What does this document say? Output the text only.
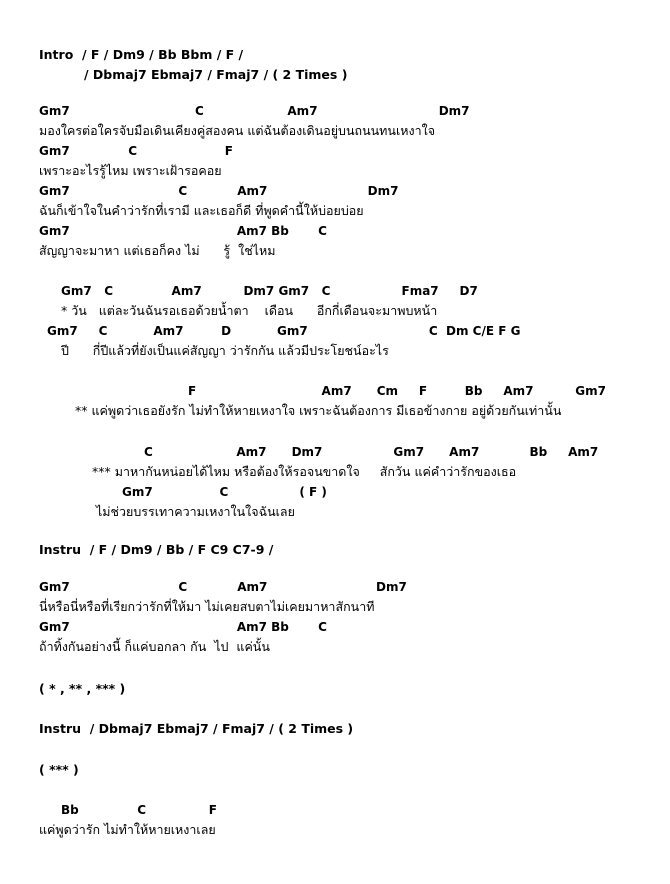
Intro  / F / Dm9 / Bb Bbm / F /
/ Dbmaj7 Ebmaj7 / Fmaj7 / ( 2 Times )
Gm7                              C                    Am7                             Dm7
มองใครต่อใครจับมือเดินเคียงคู่สองคน แต่ฉันต้องเดินอยู่บนถนนทนเหงาใจ
Gm7              C                     F
เพราะอะไรรู้ไหม เพราะเฝ้ารอคอย
Gm7                          C            Am7                        Dm7
ฉันก็เข้าใจในคำว่ารักที่เรามี และเธอก็ดี ที่พูดคำนี้ให้บ่อยบ่อย
Gm7                                        Am7 Bb       C
สัญญาจะมาหา แต่เธอก็คง ไม่      รู้  ใช่ไหม
Gm7   C              Am7          Dm7 Gm7   C                 Fma7     D7
* วัน   แต่ละวันฉันรอเธอด้วยน้ำตา    เดือน      อีกกี่เดือนจะมาพบหน้า
Gm7     C           Am7         D           Gm7                             C  Dm C/E F G
ปี      กี่ปีแล้วที่ยังเป็นแค่สัญญา ว่ารักกัน แล้วมีประโยชน์อะไร
F                              Am7      Cm     F         Bb     Am7          Gm7
** แค่พูดว่าเธอยังรัก ไม่ทำให้หายเหงาใจ เพราะฉันต้องการ มีเธอข้างกาย อยู่ด้วยกันเท่านั้น
C                    Am7      Dm7                 Gm7      Am7            Bb     Am7
*** มาหากันหน่อยได้ไหม หรือต้องให้รอจนขาดใจ     สักวัน แค่คำว่ารักของเธอ
Gm7                C                 ( F )
ไม่ช่วยบรรเทาความเหงาในใจฉันเลย
Instru  / F / Dm9 / Bb / F C9 C7-9 /
Gm7                          C            Am7                          Dm7
นี่หรือนี่หรือที่เรียกว่ารักที่ให้มา ไม่เคยสบตาไม่เคยมาหาสักนาที
Gm7                                        Am7 Bb       C
ถ้าทิ้งกันอย่างนี้ ก็แค่บอกลา กัน  ไป  แค่นั้น
( * , ** , *** )
Instru  / Dbmaj7 Ebmaj7 / Fmaj7 / ( 2 Times )
( *** )
Bb              C               F
แค่พูดว่ารัก ไม่ทำให้หายเหงาเลย
